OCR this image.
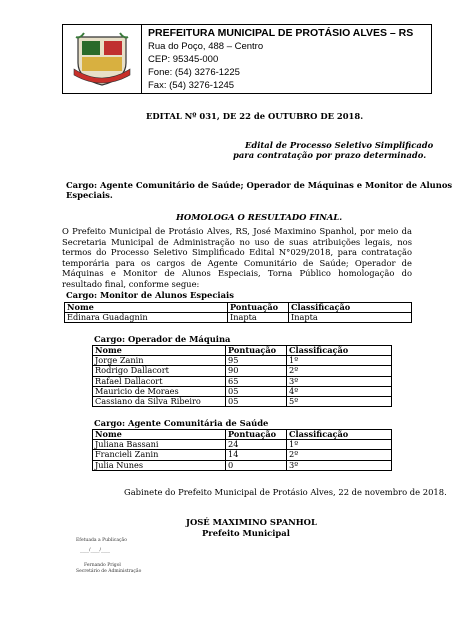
PREFEITURA MUNICIPAL DE PROTÁSIO ALVES – RS
Rua do Poço, 488 – Centro
CEP: 95345-000
Fone: (54) 3276-1225
Fax: (54) 3276-1245
EDITAL Nº 031, DE 22 de OUTUBRO DE 2018.
Edital de Processo Seletivo Simplificado
para contratação por prazo determinado.
Cargo: Agente Comunitário de Saúde; Operador de Máquinas e Monitor de Alunos
Especiais.
HOMOLOGA O RESULTADO FINAL.
O Prefeito Municipal de Protásio Alves, RS, José Maximino Spanhol, por meio da Secretaria Municipal de Administração no uso de suas atribuições legais, nos termos do Processo Seletivo Simplificado Edital N°029/2018, para contratação temporária para os cargos de Agente Comunitário de Saúde; Operador de Máquinas e Monitor de Alunos Especiais, Torna Público homologação do resultado final, conforme segue:
Cargo: Monitor de Alunos Especiais
Nome	Pontuação	Classificação
Edinara Guadagnin	Inapta	Inapta
Cargo: Operador de Máquina
Nome	Pontuação	Classificação
Jorge Zanin	95	1º
Rodrigo Dallacort	90	2º
Rafael Dallacort	65	3º
Mauricio de Moraes	05	4º
Cassiano da Silva Ribeiro	05	5º
Cargo: Agente Comunitária de Saúde
Nome	Pontuação	Classificação
Juliana Bassani	24	1º
Francieli Zanin	14	2º
Julia Nunes	0	3º
Gabinete do Prefeito Municipal de Protásio Alves, 22 de novembro de 2018.
JOSÉ MAXIMINO SPANHOL
Prefeito Municipal
Efetuada a Publicação
____/____/____
Fernando Prigol
Secretário de Administração
